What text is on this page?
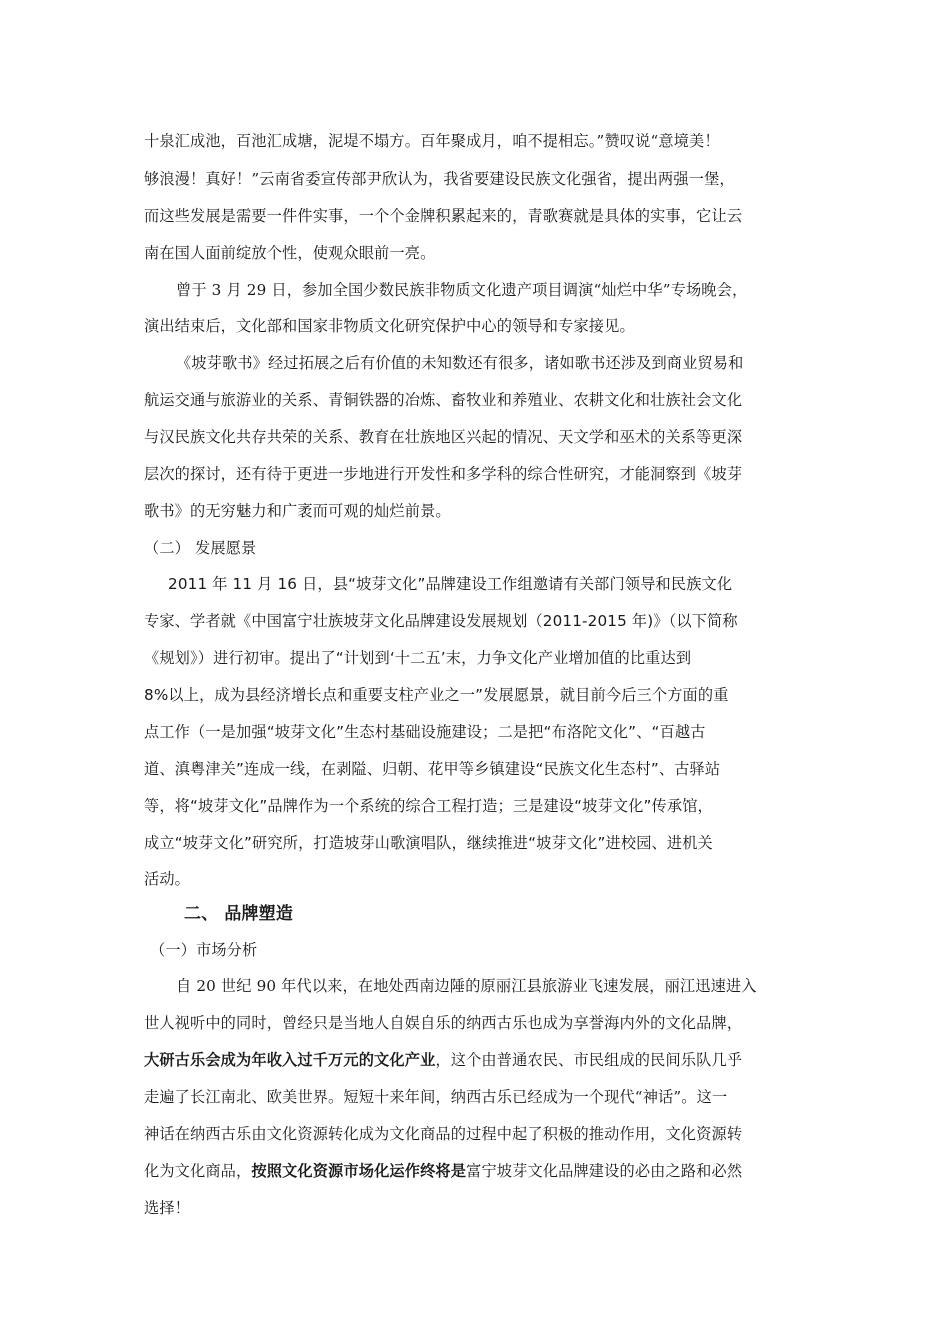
十泉汇成池，百池汇成塘，泥堤不塌方。百年聚成月，咱不提相忘。”赞叹说“意境美！
够浪漫！真好！”云南省委宣传部尹欣认为，我省要建设民族文化强省，提出两强一堡，
而这些发展是需要一件件实事，一个个金牌积累起来的，青歌赛就是具体的实事，它让云
南在国人面前绽放个性，使观众眼前一亮。
曾于 3 月 29 日，参加全国少数民族非物质文化遗产项目调演“灿烂中华”专场晚会，
演出结束后，文化部和国家非物质文化研究保护中心的领导和专家接见。
《坡芽歌书》经过拓展之后有价值的未知数还有很多，诸如歌书还涉及到商业贸易和
航运交通与旅游业的关系、青铜铁器的冶炼、畜牧业和养殖业、农耕文化和壮族社会文化
与汉民族文化共存共荣的关系、教育在壮族地区兴起的情况、天文学和巫术的关系等更深
层次的探讨，还有待于更进一步地进行开发性和多学科的综合性研究，才能洞察到《坡芽
歌书》的无穷魅力和广袤而可观的灿烂前景。
（二） 发展愿景
2011 年 11 月 16 日，县“坡芽文化”品牌建设工作组邀请有关部门领导和民族文化
专家、学者就《中国富宁壮族坡芽文化品牌建设发展规划（2011-2015 年)》（以下简称
《规划》）进行初审。提出了“计划到‘十二五’末，力争文化产业增加值的比重达到
8%以上，成为县经济增长点和重要支柱产业之一”发展愿景，就目前今后三个方面的重
点工作（一是加强“坡芽文化”生态村基础设施建设；二是把“布洛陀文化”、“百越古
道、滇粤津关”连成一线，在剥隘、归朝、花甲等乡镇建设“民族文化生态村”、古驿站
等，将“坡芽文化”品牌作为一个系统的综合工程打造；三是建设“坡芽文化”传承馆，
成立“坡芽文化”研究所，打造坡芽山歌演唱队，继续推进“坡芽文化”进校园、进机关
活动。
二、 品牌塑造
（一）市场分析
自 20 世纪 90 年代以来，在地处西南边陲的原丽江县旅游业飞速发展，丽江迅速进入
世人视听中的同时，曾经只是当地人自娱自乐的纳西古乐也成为享誉海内外的文化品牌，
大研古乐会成为年收入过千万元的文化产业，这个由普通农民、市民组成的民间乐队几乎
走遍了长江南北、欧美世界。短短十来年间，纳西古乐已经成为一个现代“神话”。这一
神话在纳西古乐由文化资源转化成为文化商品的过程中起了积极的推动作用，文化资源转
化为文化商品，按照文化资源市场化运作终将是富宁坡芽文化品牌建设的必由之路和必然
选择！
